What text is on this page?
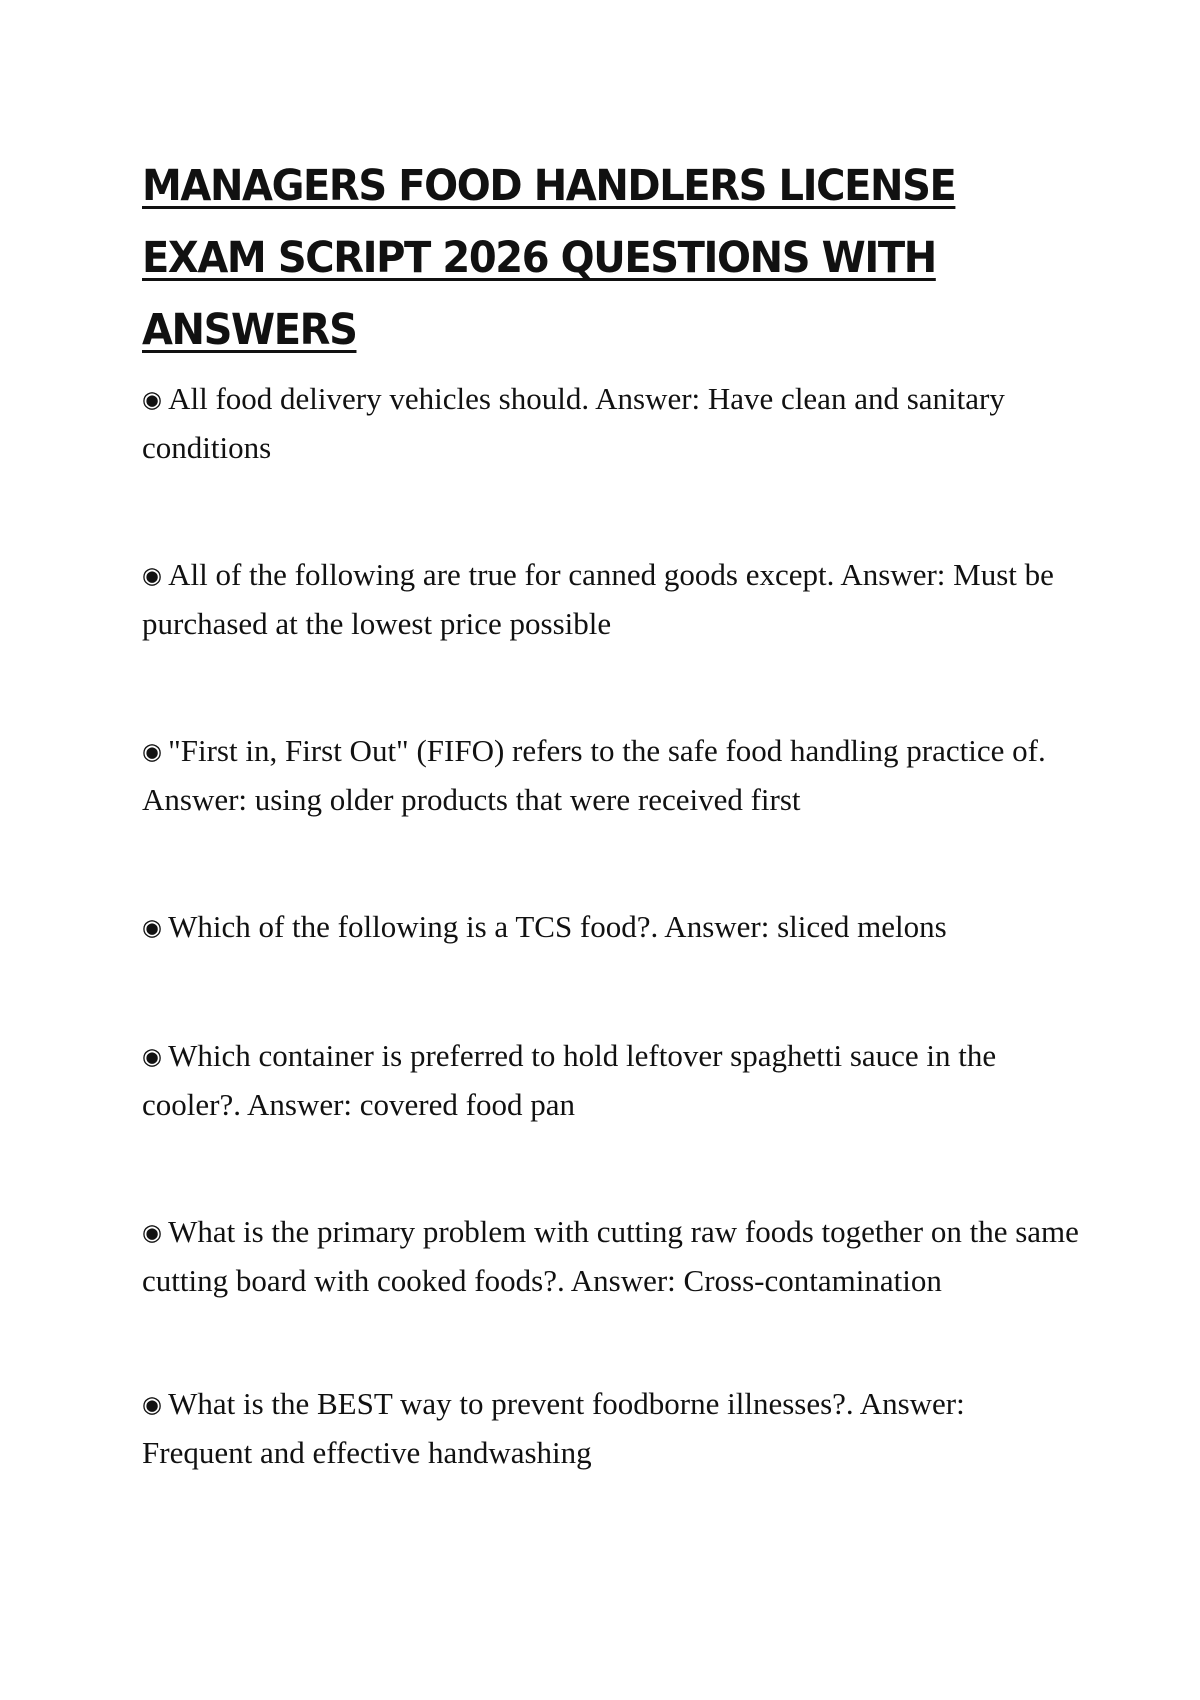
MANAGERS FOOD HANDLERS LICENSE EXAM SCRIPT 2026 QUESTIONS WITH ANSWERS
◉ All food delivery vehicles should. Answer: Have clean and sanitary conditions
◉ All of the following are true for canned goods except. Answer: Must be purchased at the lowest price possible
◉ "First in, First Out" (FIFO) refers to the safe food handling practice of. Answer: using older products that were received first
◉ Which of the following is a TCS food?. Answer: sliced melons
◉ Which container is preferred to hold leftover spaghetti sauce in the cooler?. Answer: covered food pan
◉ What is the primary problem with cutting raw foods together on the same cutting board with cooked foods?. Answer: Cross-contamination
◉ What is the BEST way to prevent foodborne illnesses?. Answer: Frequent and effective handwashing
